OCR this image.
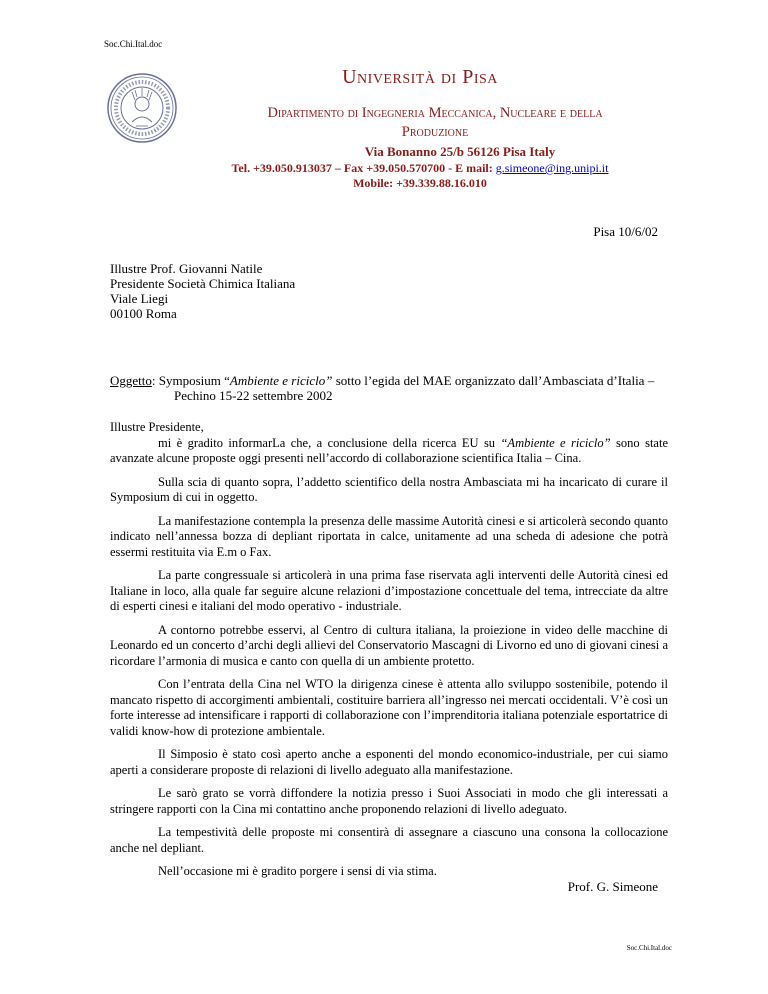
Soc.Chi.Ital.doc
Università di Pisa
Dipartimento di Ingegneria Meccanica, Nucleare e della
Produzione
Via Bonanno 25/b 56126 Pisa Italy
Tel. +39.050.913037 – Fax +39.050.570700 - E mail: g.simeone@ing.unipi.it
Mobile: +39.339.88.16.010
Pisa 10/6/02
Illustre Prof. Giovanni Natile
Presidente Società Chimica Italiana
Viale Liegi
00100 Roma
Oggetto: Symposium “Ambiente e riciclo” sotto l’egida del MAE organizzato dall’Ambasciata d’Italia –
Pechino 15-22 settembre 2002

Illustre Presidente,

mi è gradito informarLa che, a conclusione della ricerca EU su “Ambiente e riciclo” sono state avanzate alcune proposte oggi presenti nell’accordo di collaborazione scientifica Italia – Cina.

Sulla scia di quanto sopra, l’addetto scientifico della nostra Ambasciata mi ha incaricato di curare il Symposium di cui in oggetto.

La manifestazione contempla la presenza delle massime Autorità cinesi e si articolerà secondo quanto indicato nell’annessa bozza di depliant riportata in calce, unitamente ad una scheda di adesione che potrà essermi restituita via E.m o Fax.

La parte congressuale si articolerà in una prima fase riservata agli interventi delle Autorità cinesi ed Italiane in loco, alla quale far seguire alcune relazioni d’impostazione concettuale del tema, intrecciate da altre di esperti cinesi e italiani del modo operativo - industriale.

A contorno potrebbe esservi, al Centro di cultura italiana, la proiezione in video delle macchine di Leonardo ed un concerto d’archi degli allievi del Conservatorio Mascagni di Livorno ed uno di giovani cinesi a ricordare l’armonia di musica e canto con quella di un ambiente protetto.

Con l’entrata della Cina nel WTO la dirigenza cinese è attenta allo sviluppo sostenibile, potendo il mancato rispetto di accorgimenti ambientali, costituire barriera all’ingresso nei mercati occidentali. V’è così un forte interesse ad intensificare i rapporti di collaborazione con l’imprenditoria italiana potenziale esportatrice di validi know-how di protezione ambientale.

Il Simposio è stato così aperto anche a esponenti del mondo economico-industriale, per cui siamo aperti a considerare proposte di relazioni di livello adeguato alla manifestazione.

Le sarò grato se vorrà diffondere la notizia presso i Suoi Associati in modo che gli interessati a stringere rapporti con la Cina mi contattino anche proponendo relazioni di livello adeguato.

La tempestività delle proposte mi consentirà di assegnare a ciascuno una consona la collocazione anche nel depliant.

Nell’occasione mi è gradito porgere i sensi di via stima.

Prof. G. Simeone
Soc.Chi.Ital.doc
